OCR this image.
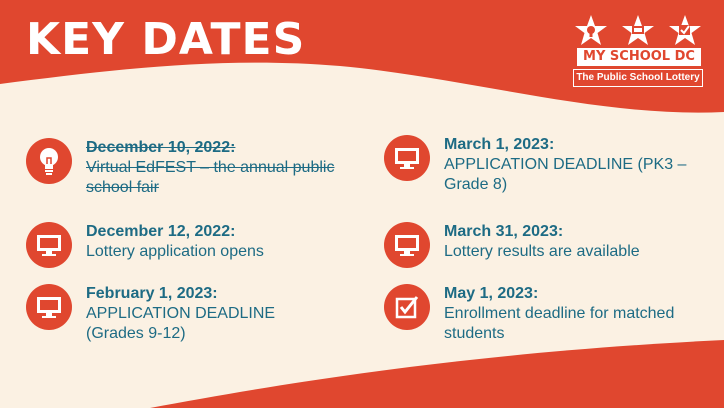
KEY DATES	MY SCHOOL DC
The Public School Lottery
December 10, 2022:
Virtual EdFEST – the annual public school fair
December 12, 2022:
Lottery application opens
February 1, 2023:
APPLICATION DEADLINE (Grades 9-12)
March 1, 2023:
APPLICATION DEADLINE (PK3 – Grade 8)
March 31, 2023:
Lottery results are available
May 1, 2023:
Enrollment deadline for matched students
